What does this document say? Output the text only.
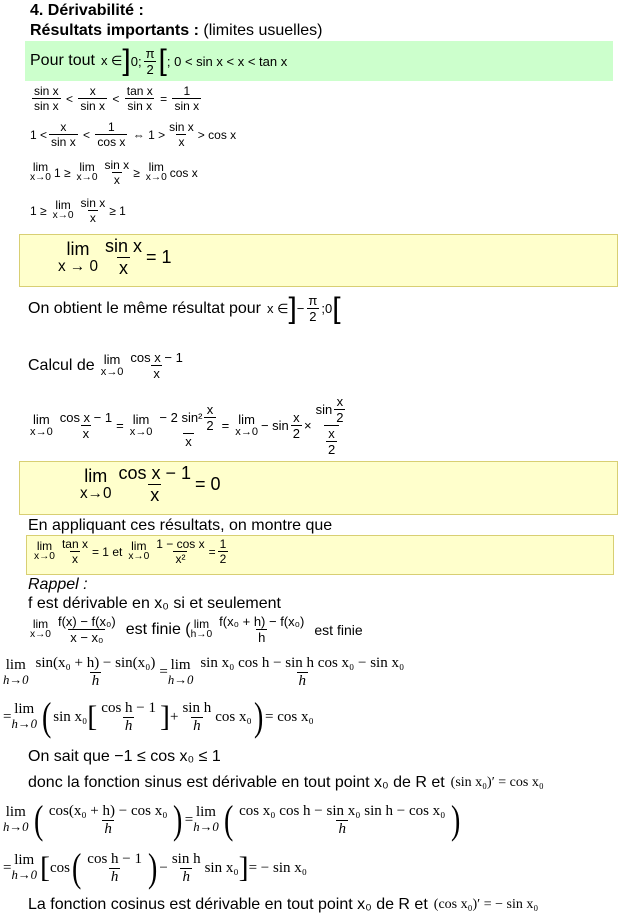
4. Dérivabilité :
Résultats importants : (limites usuelles)
Pour tout x ∈ ] 0; $\frac{\pi}{2}$ [ ; 0 < sin x < x < tan x
$\frac{\text{sin x}}{\text{sin x}} < \frac{x}{\text{sin x}} < \frac{\text{tan x}}{\text{sin x}} = \frac{1}{\text{sin x}}$
$1 < \frac{x}{\text{sin x}} < \frac{1}{\text{cos x}}$
⇔ $1 > \frac{\text{sin x}}{x} > \cos x$
lim
x→0 1 ≥ lim
$x\to 0 \frac{\text{sin x}}{x} \ge \lim$
x→0 cos x
1 ≥ lim
$x\to 0 \frac{\text{sin x}}{x} \ge 1$
lim
$x \to 0 \frac{\text{sin x}}{x} = 1$
On obtient le même résultat pour x ∈ ] − $\frac{\pi}{2}$ ;0 [
Calcul de lim
$x\to 0 \frac{\text{cos x − 1}}{x}$
lim
$x\to 0 \frac{\text{cos x − 1}}{x} = \lim$
$x\to 0 \frac{- 2 \sin^2 \frac{x}{2}}{x} = \lim$
$x\to 0 - \sin \frac{x}{2} \times \frac{\sin \frac{x}{2}}{\frac{x}{2}}$
lim
$x\to 0 \frac{\text{cos x − 1}}{x} = 0$
En appliquant ces résultats, on montre que
lim
$x\to 0 \frac{\text{tan x}}{x} = 1$ et lim
$x\to 0 \frac{\text{1 − cos x}}{\text{x²}} = \frac{1}{2}$
Rappel :
f est dérivable en x₀ si et seulement
lim
$x\to 0 \frac{\text{f(x) − f(x₀)}}{\text{x − x₀}}$ est finie ( lim
$h\to 0 \frac{\text{f(x₀ + h) − f(x₀)}}{h}$ est finie
lim
$h\to 0 \frac{\text{sin(x₀ + h) − sin(x₀)}}{h} = \lim$
$h\to 0 \frac{\text{sin x₀ cos h − sin h cos x₀ − sin x₀}}{h}$
= lim
h→0 ( sin x₀ [ $\frac{\text{cos h − 1}}{h}$ ] + $\frac{\text{sin h}}{h}$ cos x₀ ) = cos x₀
On sait que −1 ≤ cos x₀ ≤ 1
donc la fonction sinus est dérivable en tout point x₀ de R et (sin x₀)′ = cos x₀
lim
h→0 ( $\frac{\text{cos(x₀ + h) − cos x₀}}{h}$ ) = lim
h→0 ( $\frac{\text{cos x₀ cos h − sin x₀ sin h − cos x₀}}{h}$ )
= lim
h→0 [ cos ( $\frac{\text{cos h − 1}}{h}$ ) − $\frac{\text{sin h}}{h}$ sin x₀ ] = − sin x₀
La fonction cosinus est dérivable en tout point x₀ de R et (cos x₀)′ = − sin x₀
